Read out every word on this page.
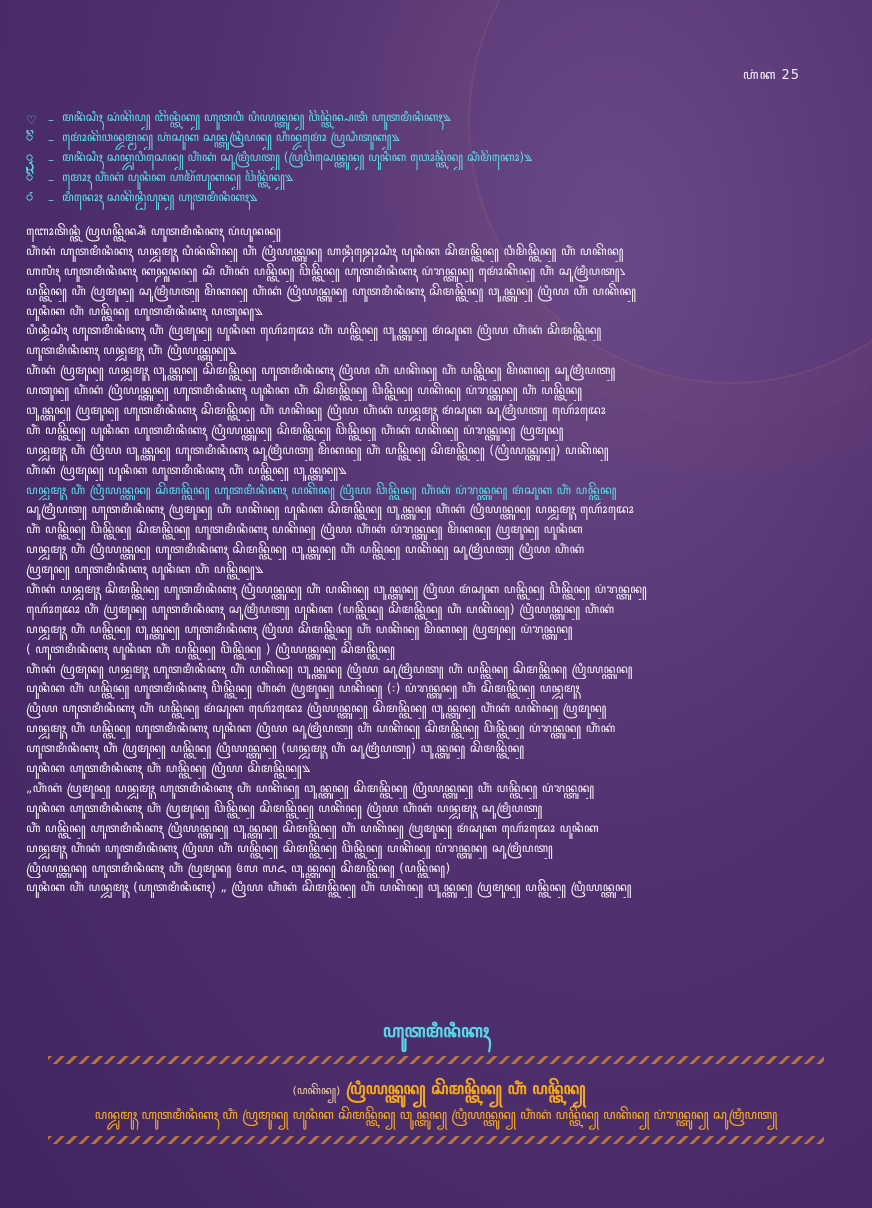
ꦲꦁꦏ 25
♡ – ꦩꦤꦶꦁꦱꦶꦃ ꦱꦁꦏꦼꦥ꧀ ꦧꦼꦤ꧀ꦠꦶꦏ꧀ ꦲꦸꦠꦮꦶ ꦥꦶꦪꦤ꧀ꦠꦸꦤ꧀ ꦮꦼꦤ꧀ꦠꦼꦤ꧀ꦥꦠꦶ ꦲꦸꦠꦩꦶꦤꦶꦏꦃ꧉
ꦼ	– ꦩꦺꦴꦁꦏꦼꦮꦤ꧀ꦢꦩ꧀ꦩꦤ꧀ ꦲꦁꦱꦸꦏ ꦱꦤ꧀ꦠꦸꦤꦿꦶꦥꦤ꧀ ꦲꦶꦤ꧀ꦢꦩꦺꦴꦁ ꦥꦿꦝꦶꦠꦸꦏ꧀꧉
ꦽ	– ꦩꦤꦶꦁꦱꦶꦃ ꦱꦏ꧀ꦢꦸꦮꦶꦱꦺꦤ꧀ ꦲꦶꦁꦏꦁ ꦱꦸꦩꦿꦶꦥꦠ꧀ (ꦥꦿꦮꦼꦱꦺꦤ꧀ꦠꦸꦤ꧀ ꦥꦸꦤꦶꦏ ꦮꦺꦴꦤ꧀ꦠꦼꦤ꧀ ꦱꦶꦁꦩꦼꦏꦺꦴ)꧉
ꦼ	– ꦩꦺꦴꦃ ꦲꦶꦁꦏꦁ ꦥꦸꦤꦶꦏ ꦲꦩꦼꦂꦭꦸꦏꦤ꧀ ꦮꦼꦤ꧀ꦠꦼꦤ꧀꧉
ꦁ	– ꦩꦶꦤꦺꦴꦃ ꦱꦏꦼꦤ꧀ꦝꦶꦥꦸꦤ꧀ ꦲꦸꦠꦩꦶꦤꦶꦏꦃ꧉
ꦧꦺꦴꦠꦼꦤ꧀ꦠꦶ ꦥꦿꦥꦤ꧀ꦠꦼꦤ꧀ꦱꦶꦁ ꦲꦸꦠꦩꦶꦤꦶꦏꦃ ꦥꦁꦥꦸꦤꦤ꧀
ꦲꦶꦁꦏꦁ ꦲꦸꦠꦩꦶꦤꦶꦏꦃ ꦥꦤ꧀ꦢꦸꦩꦸꦃ ꦥꦶꦤꦁꦏꦼꦤ꧀ ꦲꦶꦁ ꦥꦿꦶꦪꦤ꧀ꦠꦸꦤ꧀ ꦲꦤ꧀ꦝꦶꦤ꧀ꦝꦺꦴꦱꦶꦃ ꦥꦸꦤꦶꦏ ꦱꦼꦩꦤ꧀ꦠꦼꦤ꧀ ꦮꦶꦩꦼꦤ꧀ꦠꦼꦤ꧀ ꦲꦶꦁ ꦥꦏꦼꦤ꧀
ꦲꦭꦶꦃ ꦲꦸꦠꦩꦶꦤꦶꦏꦃ ꦏꦤ꧀ꦝꦸꦤꦤ꧀ ꦱꦶꦁ ꦲꦶꦁꦏꦁ ꦥꦤ꧀ꦠꦼꦤ꧀ ꦮꦼꦤ꧀ꦠꦼꦤ꧀ ꦲꦸꦠꦩꦶꦤꦶꦏꦃ ꦥꦁꦫꦤ꧀ꦠꦸꦤ꧀ ꦩꦺꦴꦁꦏꦼꦤ꧀ ꦲꦶꦁ ꦱꦸꦩꦿꦶꦥꦠ꧀꧈
ꦥꦤ꧀ꦠꦼꦤ꧀ ꦲꦶꦁ ꦥꦿꦩꦸꦤ꧀ ꦱꦸꦩꦿꦶꦥꦠ꧀ ꦩꦼꦏꦤ꧀ ꦲꦶꦁꦏꦁ ꦥꦿꦶꦪꦤ꧀ꦠꦸꦤ꧀ ꦲꦸꦠꦩꦶꦤꦶꦏꦃ ꦱꦼꦩꦤ꧀ꦠꦼꦤ꧀ ꦮꦸꦤ꧀ꦠꦸꦤ꧀ ꦥꦿꦶꦪ ꦲꦶꦁ ꦥꦏꦼꦤ꧀
ꦥꦸꦤꦶꦏ ꦲꦶꦁ ꦥꦤ꧀ꦠꦼꦤ꧀ ꦲꦸꦠꦩꦶꦤꦶꦏꦃ ꦥꦠꦸꦤ꧀꧉
ꦥꦶꦤ꧀ꦢꦶꦱꦶꦃ ꦲꦸꦠꦩꦶꦤꦶꦏꦃ ꦲꦶꦁ ꦥꦿꦩꦸꦤ꧀ ꦥꦸꦤꦶꦏ ꦲꦺꦴꦂꦢꦺꦴ ꦲꦶꦁ ꦥꦤ꧀ꦠꦼꦤ꧀ ꦮꦸꦤ꧀ꦠꦸꦤ꧀ ꦩꦁꦱꦸꦏ ꦥꦿꦶꦪ ꦲꦶꦁꦏꦁ ꦱꦼꦩꦤ꧀ꦠꦼꦤ꧀
ꦲꦸꦠꦩꦶꦤꦶꦏꦃ ꦥꦤ꧀ꦢꦸꦩꦸꦃ ꦲꦶꦁ ꦥꦿꦶꦪꦤ꧀ꦠꦸꦤ꧀꧉
ꦲꦶꦁꦏꦁ ꦥꦿꦩꦸꦤ꧀ ꦥꦤ꧀ꦢꦸꦩꦸꦃ ꦮꦸꦤ꧀ꦠꦸꦤ꧀ ꦱꦼꦩꦤ꧀ꦠꦼꦤ꧀ ꦲꦸꦠꦩꦶꦤꦶꦏꦃ ꦥꦿꦶꦪ ꦲꦶꦁ ꦥꦏꦼꦤ꧀ ꦲꦶꦁ ꦥꦤ꧀ꦠꦼꦤ꧀ ꦩꦼꦏꦤ꧀ ꦱꦸꦩꦿꦶꦥꦠ꧀
ꦥꦠꦸꦤ꧀ ꦲꦶꦁꦏꦁ ꦥꦿꦶꦪꦤ꧀ꦠꦸꦤ꧀ ꦲꦸꦠꦩꦶꦤꦶꦏꦃ ꦥꦸꦤꦶꦏ ꦲꦶꦁ ꦱꦼꦩꦤ꧀ꦠꦼꦤ꧀ ꦮꦼꦤ꧀ꦠꦼꦤ꧀ ꦥꦏꦼꦤ꧀ ꦥꦁꦫꦤ꧀ꦠꦸꦤ꧀ ꦲꦶꦁ ꦥꦤ꧀ꦠꦼꦤ꧀
ꦮꦸꦤ꧀ꦠꦸꦤ꧀ ꦥꦿꦩꦸꦤ꧀ ꦲꦸꦠꦩꦶꦤꦶꦏꦃ ꦱꦼꦩꦤ꧀ꦠꦼꦤ꧀ ꦲꦶꦁ ꦥꦏꦼꦤ꧀ ꦥꦿꦶꦪ ꦲꦶꦁꦏꦁ ꦥꦤ꧀ꦢꦸꦩꦸꦃ ꦩꦁꦱꦸꦏ ꦱꦸꦩꦿꦶꦥꦠ꧀ ꦲꦺꦴꦂꦢꦺꦴ
ꦲꦶꦁ ꦥꦤ꧀ꦠꦼꦤ꧀ ꦥꦸꦤꦶꦏ ꦲꦸꦠꦩꦶꦤꦶꦏꦃ ꦥꦿꦶꦪꦤ꧀ꦠꦸꦤ꧀ ꦱꦼꦩꦤ꧀ꦠꦼꦤ꧀ ꦮꦼꦤ꧀ꦠꦼꦤ꧀ ꦲꦶꦁꦏꦁ ꦥꦏꦼꦤ꧀ ꦥꦁꦫꦤ꧀ꦠꦸꦤ꧀ ꦥꦿꦩꦸꦤ꧀
ꦥꦤ꧀ꦢꦸꦩꦸꦃ ꦲꦶꦁ ꦥꦿꦶꦪ ꦮꦸꦤ꧀ꦠꦸꦤ꧀ ꦲꦸꦠꦩꦶꦤꦶꦏꦃ ꦱꦸꦩꦿꦶꦥꦠ꧀ ꦩꦼꦏꦤ꧀ ꦲꦶꦁ ꦥꦤ꧀ꦠꦼꦤ꧀ ꦱꦼꦩꦤ꧀ꦠꦼꦤ꧀ (ꦥꦿꦶꦪꦤ꧀ꦠꦸꦤ꧀) ꦥꦏꦼꦤ꧀
ꦲꦶꦁꦏꦁ ꦥꦿꦩꦸꦤ꧀ ꦥꦸꦤꦶꦏ ꦲꦸꦠꦩꦶꦤꦶꦏꦃ ꦲꦶꦁ ꦥꦤ꧀ꦠꦼꦤ꧀ ꦮꦸꦤ꧀ꦠꦸꦤ꧀꧉
ꦥꦤ꧀ꦢꦸꦩꦸꦃ ꦲꦶꦁ ꦥꦿꦶꦪꦤ꧀ꦠꦸꦤ꧀ ꦱꦼꦩꦤ꧀ꦠꦼꦤ꧀ ꦲꦸꦠꦩꦶꦤꦶꦏꦃ ꦥꦏꦼꦤ꧀ ꦥꦿꦶꦪ ꦮꦼꦤ꧀ꦠꦼꦤ꧀ ꦲꦶꦁꦏꦁ ꦥꦁꦫꦤ꧀ꦠꦸꦤ꧀ ꦩꦁꦱꦸꦏ ꦲꦶꦁ ꦥꦤ꧀ꦠꦼꦤ꧀
ꦱꦸꦩꦿꦶꦥꦠ꧀ ꦲꦸꦠꦩꦶꦤꦶꦏꦃ ꦥꦿꦩꦸꦤ꧀ ꦲꦶꦁ ꦥꦏꦼꦤ꧀ ꦥꦸꦤꦶꦏ ꦱꦼꦩꦤ꧀ꦠꦼꦤ꧀ ꦮꦸꦤ꧀ꦠꦸꦤ꧀ ꦲꦶꦁꦏꦁ ꦥꦿꦶꦪꦤ꧀ꦠꦸꦤ꧀ ꦥꦤ꧀ꦢꦸꦩꦸꦃ ꦲꦺꦴꦂꦢꦺꦴ
ꦲꦶꦁ ꦥꦤ꧀ꦠꦼꦤ꧀ ꦮꦼꦤ꧀ꦠꦼꦤ꧀ ꦱꦼꦩꦤ꧀ꦠꦼꦤ꧀ ꦲꦸꦠꦩꦶꦤꦶꦏꦃ ꦥꦏꦼꦤ꧀ ꦥꦿꦶꦪ ꦲꦶꦁꦏꦁ ꦥꦁꦫꦤ꧀ꦠꦸꦤ꧀ ꦩꦼꦏꦤ꧀ ꦥꦿꦩꦸꦤ꧀ ꦥꦸꦤꦶꦏ
ꦥꦤ꧀ꦢꦸꦩꦸꦃ ꦲꦶꦁ ꦥꦿꦶꦪꦤ꧀ꦠꦸꦤ꧀ ꦲꦸꦠꦩꦶꦤꦶꦏꦃ ꦱꦼꦩꦤ꧀ꦠꦼꦤ꧀ ꦮꦸꦤ꧀ꦠꦸꦤ꧀ ꦲꦶꦁ ꦥꦤ꧀ꦠꦼꦤ꧀ ꦥꦏꦼꦤ꧀ ꦱꦸꦩꦿꦶꦥꦠ꧀ ꦥꦿꦶꦪ ꦲꦶꦁꦏꦁ
ꦥꦿꦩꦸꦤ꧀ ꦲꦸꦠꦩꦶꦤꦶꦏꦃ ꦥꦸꦤꦶꦏ ꦲꦶꦁ ꦥꦤ꧀ꦠꦼꦤ꧀꧉
ꦲꦶꦁꦏꦁ ꦥꦤ꧀ꦢꦸꦩꦸꦃ ꦱꦼꦩꦤ꧀ꦠꦼꦤ꧀ ꦲꦸꦠꦩꦶꦤꦶꦏꦃ ꦥꦿꦶꦪꦤ꧀ꦠꦸꦤ꧀ ꦲꦶꦁ ꦥꦏꦼꦤ꧀ ꦮꦸꦤ꧀ꦠꦸꦤ꧀ ꦥꦿꦶꦪ ꦩꦁꦱꦸꦏ ꦥꦤ꧀ꦠꦼꦤ꧀ ꦮꦼꦤ꧀ꦠꦼꦤ꧀ ꦥꦁꦫꦤ꧀ꦠꦸꦤ꧀
ꦲꦺꦴꦂꦢꦺꦴ ꦲꦶꦁ ꦥꦿꦩꦸꦤ꧀ ꦲꦸꦠꦩꦶꦤꦶꦏꦃ ꦱꦸꦩꦿꦶꦥꦠ꧀ ꦥꦸꦤꦶꦏ (ꦥꦤ꧀ꦠꦼꦤ꧀ ꦱꦼꦩꦤ꧀ꦠꦼꦤ꧀ ꦲꦶꦁ ꦥꦏꦼꦤ꧀) ꦥꦿꦶꦪꦤ꧀ꦠꦸꦤ꧀ ꦲꦶꦁꦏꦁ
ꦥꦤ꧀ꦢꦸꦩꦸꦃ ꦲꦶꦁ ꦥꦤ꧀ꦠꦼꦤ꧀ ꦮꦸꦤ꧀ꦠꦸꦤ꧀ ꦲꦸꦠꦩꦶꦤꦶꦏꦃ ꦥꦿꦶꦪ ꦱꦼꦩꦤ꧀ꦠꦼꦤ꧀ ꦲꦶꦁ ꦥꦏꦼꦤ꧀ ꦩꦼꦏꦤ꧀ ꦥꦿꦩꦸꦤ꧀ ꦥꦁꦫꦤ꧀ꦠꦸꦤ꧀
( ꦲꦸꦠꦩꦶꦤꦶꦏꦃ ꦥꦸꦤꦶꦏ ꦲꦶꦁ ꦥꦤ꧀ꦠꦼꦤ꧀ ꦮꦼꦤ꧀ꦠꦼꦤ꧀ ) ꦥꦿꦶꦪꦤ꧀ꦠꦸꦤ꧀ ꦱꦼꦩꦤ꧀ꦠꦼꦤ꧀
ꦲꦶꦁꦏꦁ ꦥꦿꦩꦸꦤ꧀ ꦥꦤ꧀ꦢꦸꦩꦸꦃ ꦲꦸꦠꦩꦶꦤꦶꦏꦃ ꦲꦶꦁ ꦥꦏꦼꦤ꧀ ꦮꦸꦤ꧀ꦠꦸꦤ꧀ ꦥꦿꦶꦪ ꦱꦸꦩꦿꦶꦥꦠ꧀ ꦲꦶꦁ ꦥꦤ꧀ꦠꦼꦤ꧀ ꦱꦼꦩꦤ꧀ꦠꦼꦤ꧀ ꦥꦿꦶꦪꦤ꧀ꦠꦸꦤ꧀
ꦥꦸꦤꦶꦏ ꦲꦶꦁ ꦥꦤ꧀ꦠꦼꦤ꧀ ꦲꦸꦠꦩꦶꦤꦶꦏꦃ ꦮꦼꦤ꧀ꦠꦼꦤ꧀ ꦲꦶꦁꦏꦁ ꦥꦿꦩꦸꦤ꧀ ꦥꦏꦼꦤ꧀ (꧇) ꦥꦁꦫꦤ꧀ꦠꦸꦤ꧀ ꦲꦶꦁ ꦱꦼꦩꦤ꧀ꦠꦼꦤ꧀ ꦥꦤ꧀ꦢꦸꦩꦸꦃ
ꦥꦿꦶꦪ ꦲꦸꦠꦩꦶꦤꦶꦏꦃ ꦲꦶꦁ ꦥꦤ꧀ꦠꦼꦤ꧀ ꦩꦁꦱꦸꦏ ꦲꦺꦴꦂꦢꦺꦴ ꦥꦿꦶꦪꦤ꧀ꦠꦸꦤ꧀ ꦱꦼꦩꦤ꧀ꦠꦼꦤ꧀ ꦮꦸꦤ꧀ꦠꦸꦤ꧀ ꦲꦶꦁꦏꦁ ꦥꦏꦼꦤ꧀ ꦥꦿꦩꦸꦤ꧀
ꦥꦤ꧀ꦢꦸꦩꦸꦃ ꦲꦶꦁ ꦥꦤ꧀ꦠꦼꦤ꧀ ꦲꦸꦠꦩꦶꦤꦶꦏꦃ ꦥꦸꦤꦶꦏ ꦥꦿꦶꦪ ꦱꦸꦩꦿꦶꦥꦠ꧀ ꦲꦶꦁ ꦥꦏꦼꦤ꧀ ꦱꦼꦩꦤ꧀ꦠꦼꦤ꧀ ꦮꦼꦤ꧀ꦠꦼꦤ꧀ ꦥꦁꦫꦤ꧀ꦠꦸꦤ꧀ ꦲꦶꦁꦏꦁ
ꦲꦸꦠꦩꦶꦤꦶꦏꦃ ꦲꦶꦁ ꦥꦿꦩꦸꦤ꧀ ꦥꦤ꧀ꦠꦼꦤ꧀ ꦥꦿꦶꦪꦤ꧀ꦠꦸꦤ꧀ (ꦥꦤ꧀ꦢꦸꦩꦸꦃ ꦲꦶꦁ ꦱꦸꦩꦿꦶꦥꦠ꧀) ꦮꦸꦤ꧀ꦠꦸꦤ꧀ ꦱꦼꦩꦤ꧀ꦠꦼꦤ꧀
ꦥꦸꦤꦶꦏ ꦲꦸꦠꦩꦶꦤꦶꦏꦃ ꦲꦶꦁ ꦥꦤ꧀ꦠꦼꦤ꧀ ꦥꦿꦶꦪ ꦱꦼꦩꦤ꧀ꦠꦼꦤ꧀꧉
„ꦲꦶꦁꦏꦁ ꦥꦿꦩꦸꦤ꧀ ꦥꦤ꧀ꦢꦸꦩꦸꦃ ꦲꦸꦠꦩꦶꦤꦶꦏꦃ ꦲꦶꦁ ꦥꦏꦼꦤ꧀ ꦮꦸꦤ꧀ꦠꦸꦤ꧀ ꦱꦼꦩꦤ꧀ꦠꦼꦤ꧀ ꦥꦿꦶꦪꦤ꧀ꦠꦸꦤ꧀ ꦲꦶꦁ ꦥꦤ꧀ꦠꦼꦤ꧀ ꦥꦁꦫꦤ꧀ꦠꦸꦤ꧀
ꦥꦸꦤꦶꦏ ꦲꦸꦠꦩꦶꦤꦶꦏꦃ ꦲꦶꦁ ꦥꦿꦩꦸꦤ꧀ ꦮꦼꦤ꧀ꦠꦼꦤ꧀ ꦱꦼꦩꦤ꧀ꦠꦼꦤ꧀ ꦥꦏꦼꦤ꧀ ꦥꦿꦶꦪ ꦲꦶꦁꦏꦁ ꦥꦤ꧀ꦢꦸꦩꦸꦃ ꦱꦸꦩꦿꦶꦥꦠ꧀
ꦲꦶꦁ ꦥꦤ꧀ꦠꦼꦤ꧀ ꦲꦸꦠꦩꦶꦤꦶꦏꦃ ꦥꦿꦶꦪꦤ꧀ꦠꦸꦤ꧀ ꦮꦸꦤ꧀ꦠꦸꦤ꧀ ꦱꦼꦩꦤ꧀ꦠꦼꦤ꧀ ꦲꦶꦁ ꦥꦏꦼꦤ꧀ ꦥꦿꦩꦸꦤ꧀ ꦩꦁꦱꦸꦏ ꦲꦺꦴꦂꦢꦺꦴ ꦥꦸꦤꦶꦏ
ꦥꦤ꧀ꦢꦸꦩꦸꦃ ꦲꦶꦁꦏꦁ ꦲꦸꦠꦩꦶꦤꦶꦏꦃ ꦥꦿꦶꦪ ꦲꦶꦁ ꦥꦤ꧀ꦠꦼꦤ꧀ ꦱꦼꦩꦤ꧀ꦠꦼꦤ꧀ ꦮꦼꦤ꧀ꦠꦼꦤ꧀ ꦥꦏꦼꦤ꧀ ꦥꦁꦫꦤ꧀ꦠꦸꦤ꧀ ꦱꦸꦩꦿꦶꦥꦠ꧀
ꦥꦿꦶꦪꦤ꧀ꦠꦸꦤ꧀ ꦲꦸꦠꦩꦶꦤꦶꦏꦃ ꦲꦶꦁ ꦥꦿꦩꦸꦤ꧀ ꧔꧗ ꧗꧖ ꦮꦸꦤ꧀ꦠꦸꦤ꧀ ꦱꦼꦩꦤ꧀ꦠꦼꦤ꧀ (ꦥꦤ꧀ꦠꦼꦤ꧀)
ꦥꦸꦤꦶꦏ ꦲꦶꦁ ꦥꦤ꧀ꦢꦸꦩꦸꦃ (ꦲꦸꦠꦩꦶꦤꦶꦏꦃ) „ ꦥꦿꦶꦪ ꦲꦶꦁꦏꦁ ꦱꦼꦩꦤ꧀ꦠꦼꦤ꧀ ꦲꦶꦁ ꦥꦏꦼꦤ꧀ ꦮꦸꦤ꧀ꦠꦸꦤ꧀ ꦥꦿꦩꦸꦤ꧀ ꦥꦤ꧀ꦠꦼꦤ꧀ ꦥꦿꦶꦪꦤ꧀ꦠꦸꦤ꧀
ꦲꦸꦠꦩꦶꦤꦶꦏꦃ
(ꦥꦏꦼꦤ꧀) ꦥꦿꦶꦪꦤ꧀ꦠꦸꦤ꧀ ꦱꦼꦩꦤ꧀ꦠꦼꦤ꧀ ꦲꦶꦁ ꦥꦤ꧀ꦠꦼꦤ꧀
ꦥꦤ꧀ꦢꦸꦩꦸꦃ ꦲꦸꦠꦩꦶꦤꦶꦏꦃ ꦲꦶꦁ ꦥꦿꦩꦸꦤ꧀ ꦥꦸꦤꦶꦏ ꦱꦼꦩꦤ꧀ꦠꦼꦤ꧀ ꦮꦸꦤ꧀ꦠꦸꦤ꧀ ꦥꦿꦶꦪꦤ꧀ꦠꦸꦤ꧀ ꦲꦶꦁꦏꦁ ꦥꦤ꧀ꦠꦼꦤ꧀ ꦥꦏꦼꦤ꧀ ꦥꦁꦫꦤ꧀ꦠꦸꦤ꧀ ꦱꦸꦩꦿꦶꦥꦠ꧀
